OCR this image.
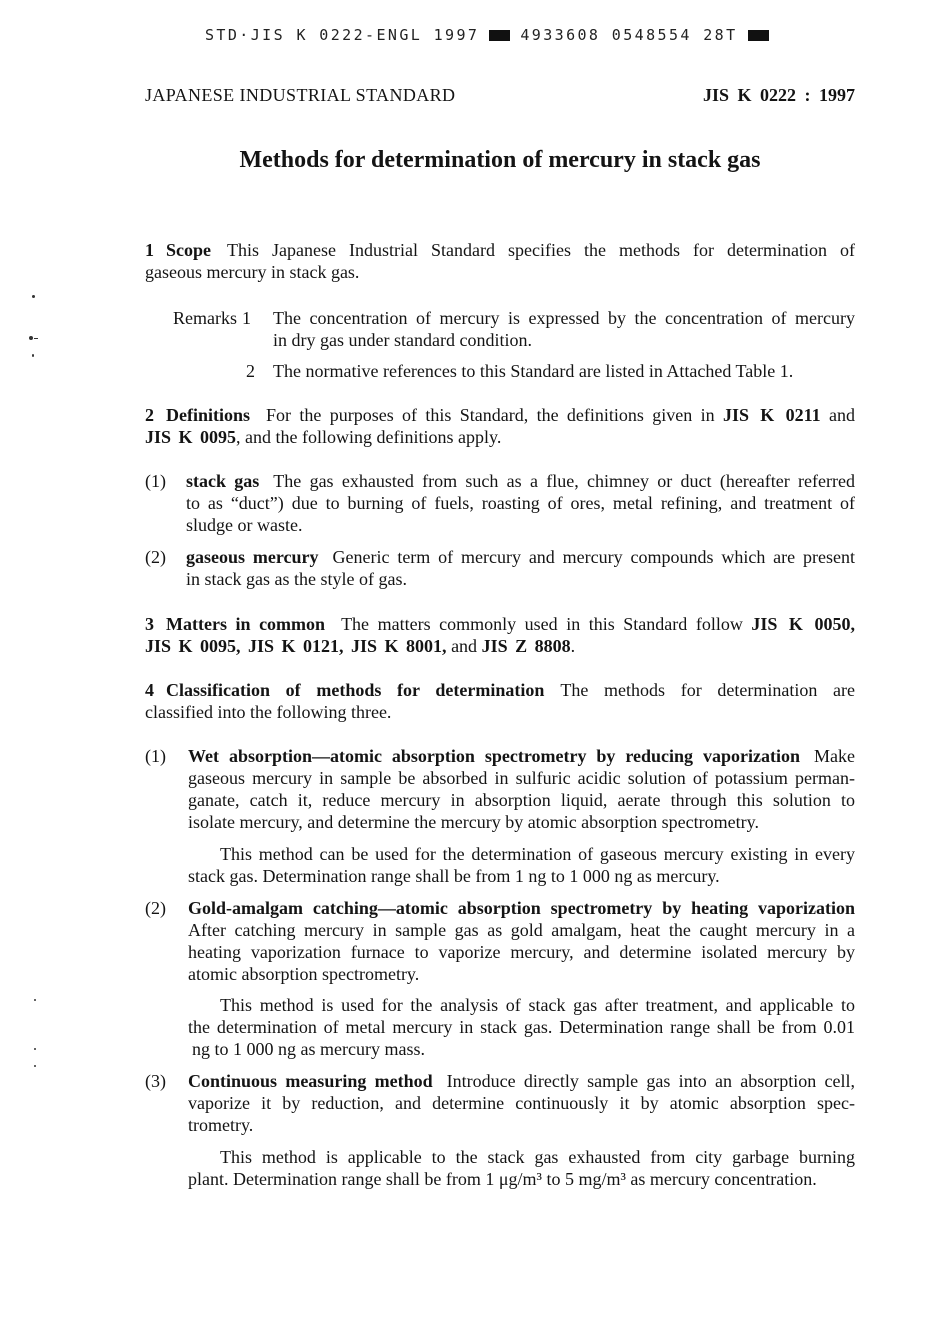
STD·JIS K 0222-ENGL 1997	4933608 0548554 28T
JAPANESE INDUSTRIAL STANDARD	JIS K 0222 : 1997
Methods for determination of mercury in stack gas
1 Scope This Japanese Industrial Standard specifies the methods for determination of
gaseous mercury in stack gas.
Remarks 1 The concentration of mercury is expressed by the concentration of mercury
in dry gas under standard condition.
2 The normative references to this Standard are listed in Attached Table 1.
2 Definitions For the purposes of this Standard, the definitions given in JIS K 0211 and
JIS K 0095, and the following definitions apply.
(1) stack gas The gas exhausted from such as a flue, chimney or duct (hereafter referred
to as “duct”) due to burning of fuels, roasting of ores, metal refining, and treatment of
sludge or waste.
(2) gaseous mercury Generic term of mercury and mercury compounds which are present
in stack gas as the style of gas.
3 Matters in common The matters commonly used in this Standard follow JIS K 0050,
JIS K 0095, JIS K 0121, JIS K 8001, and JIS Z 8808.
4 Classification of methods for determination The methods for determination are
classified into the following three.
(1) Wet absorption—atomic absorption spectrometry by reducing vaporization Make
gaseous mercury in sample be absorbed in sulfuric acidic solution of potassium perman-
ganate, catch it, reduce mercury in absorption liquid, aerate through this solution to
isolate mercury, and determine the mercury by atomic absorption spectrometry.
This method can be used for the determination of gaseous mercury existing in every
stack gas. Determination range shall be from 1 ng to 1 000 ng as mercury.
(2) Gold-amalgam catching—atomic absorption spectrometry by heating vaporization
After catching mercury in sample gas as gold amalgam, heat the caught mercury in a
heating vaporization furnace to vaporize mercury, and determine isolated mercury by
atomic absorption spectrometry.
This method is used for the analysis of stack gas after treatment, and applicable to
the determination of metal mercury in stack gas. Determination range shall be from 0.01
ng to 1 000 ng as mercury mass.
(3) Continuous measuring method Introduce directly sample gas into an absorption cell,
vaporize it by reduction, and determine continuously it by atomic absorption spec-
trometry.
This method is applicable to the stack gas exhausted from city garbage burning
plant. Determination range shall be from 1 μg/m³ to 5 mg/m³ as mercury concentration.
